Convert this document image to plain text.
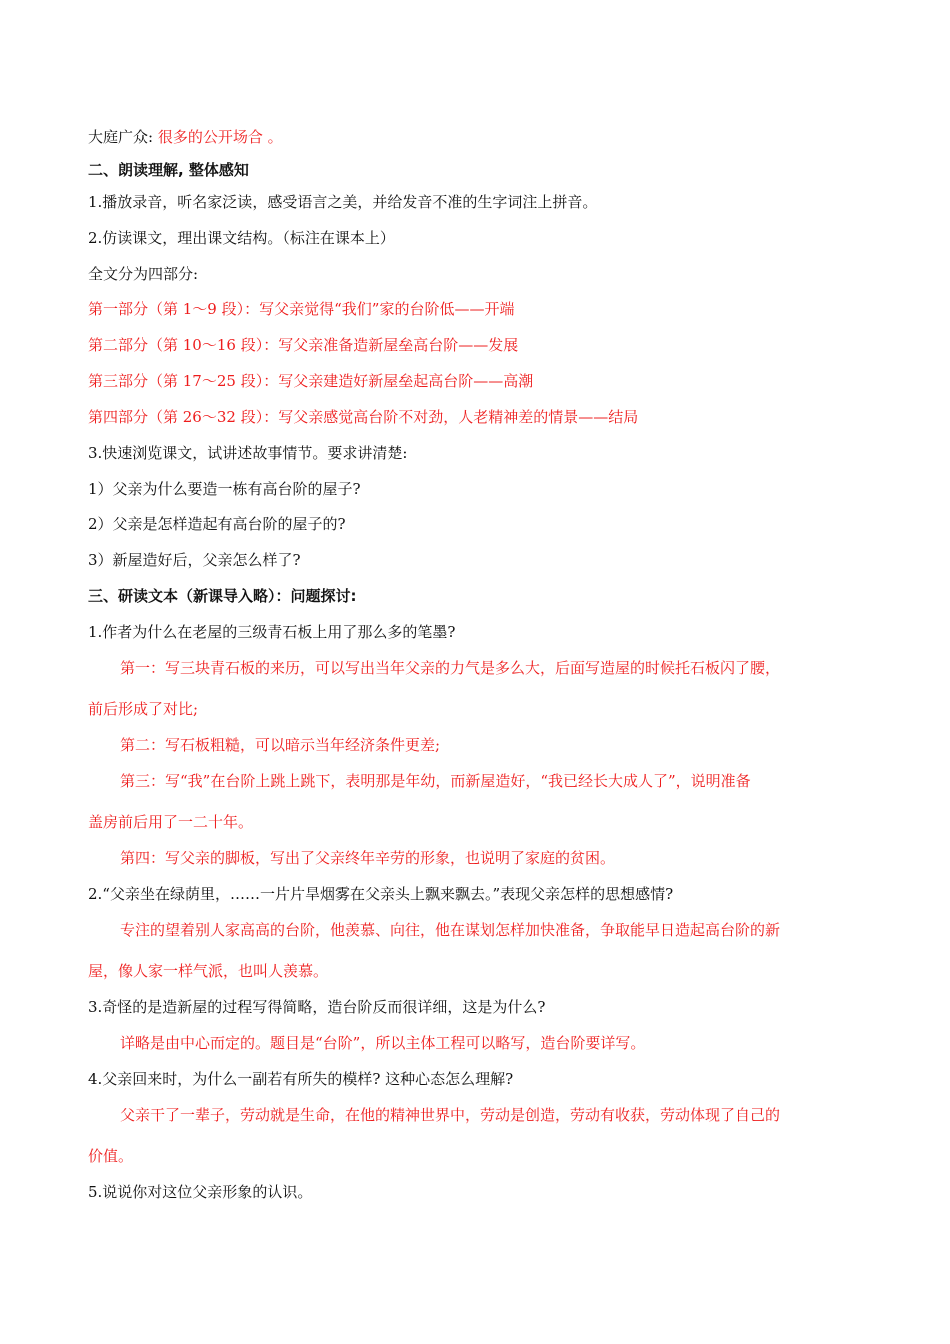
大庭广众: 很多的公开场合 。
二、朗读理解, 整体感知
1.播放录音，听名家泛读，感受语言之美，并给发音不准的生字词注上拼音。
2.仿读课文，理出课文结构。（标注在课本上）
全文分为四部分:
第一部分（第 1～9 段）：写父亲觉得“我们”家的台阶低——开端
第二部分（第 10～16 段）：写父亲准备造新屋垒高台阶——发展
第三部分（第 17～25 段）：写父亲建造好新屋垒起高台阶——高潮
第四部分（第 26～32 段）：写父亲感觉高台阶不对劲，人老精神差的情景——结局
3.快速浏览课文，试讲述故事情节。要求讲清楚:
1）父亲为什么要造一栋有高台阶的屋子?
2）父亲是怎样造起有高台阶的屋子的?
3）新屋造好后，父亲怎么样了?
三、研读文本（新课导入略）：问题探讨:
1.作者为什么在老屋的三级青石板上用了那么多的笔墨?
第一：写三块青石板的来历，可以写出当年父亲的力气是多么大，后面写造屋的时候托石板闪了腰，
前后形成了对比;
第二：写石板粗糙，可以暗示当年经济条件更差;
第三：写“我”在台阶上跳上跳下，表明那是年幼，而新屋造好，“我已经长大成人了”，说明准备
盖房前后用了一二十年。
第四：写父亲的脚板，写出了父亲终年辛劳的形象，也说明了家庭的贫困。
2.“父亲坐在绿荫里，……一片片旱烟雾在父亲头上飘来飘去。”表现父亲怎样的思想感情?
专注的望着别人家高高的台阶，他羡慕、向往，他在谋划怎样加快准备，争取能早日造起高台阶的新
屋，像人家一样气派，也叫人羡慕。
3.奇怪的是造新屋的过程写得简略，造台阶反而很详细，这是为什么?
详略是由中心而定的。题目是“台阶”，所以主体工程可以略写，造台阶要详写。
4.父亲回来时，为什么一副若有所失的模样? 这种心态怎么理解?
父亲干了一辈子，劳动就是生命，在他的精神世界中，劳动是创造，劳动有收获，劳动体现了自己的
价值。
5.说说你对这位父亲形象的认识。
